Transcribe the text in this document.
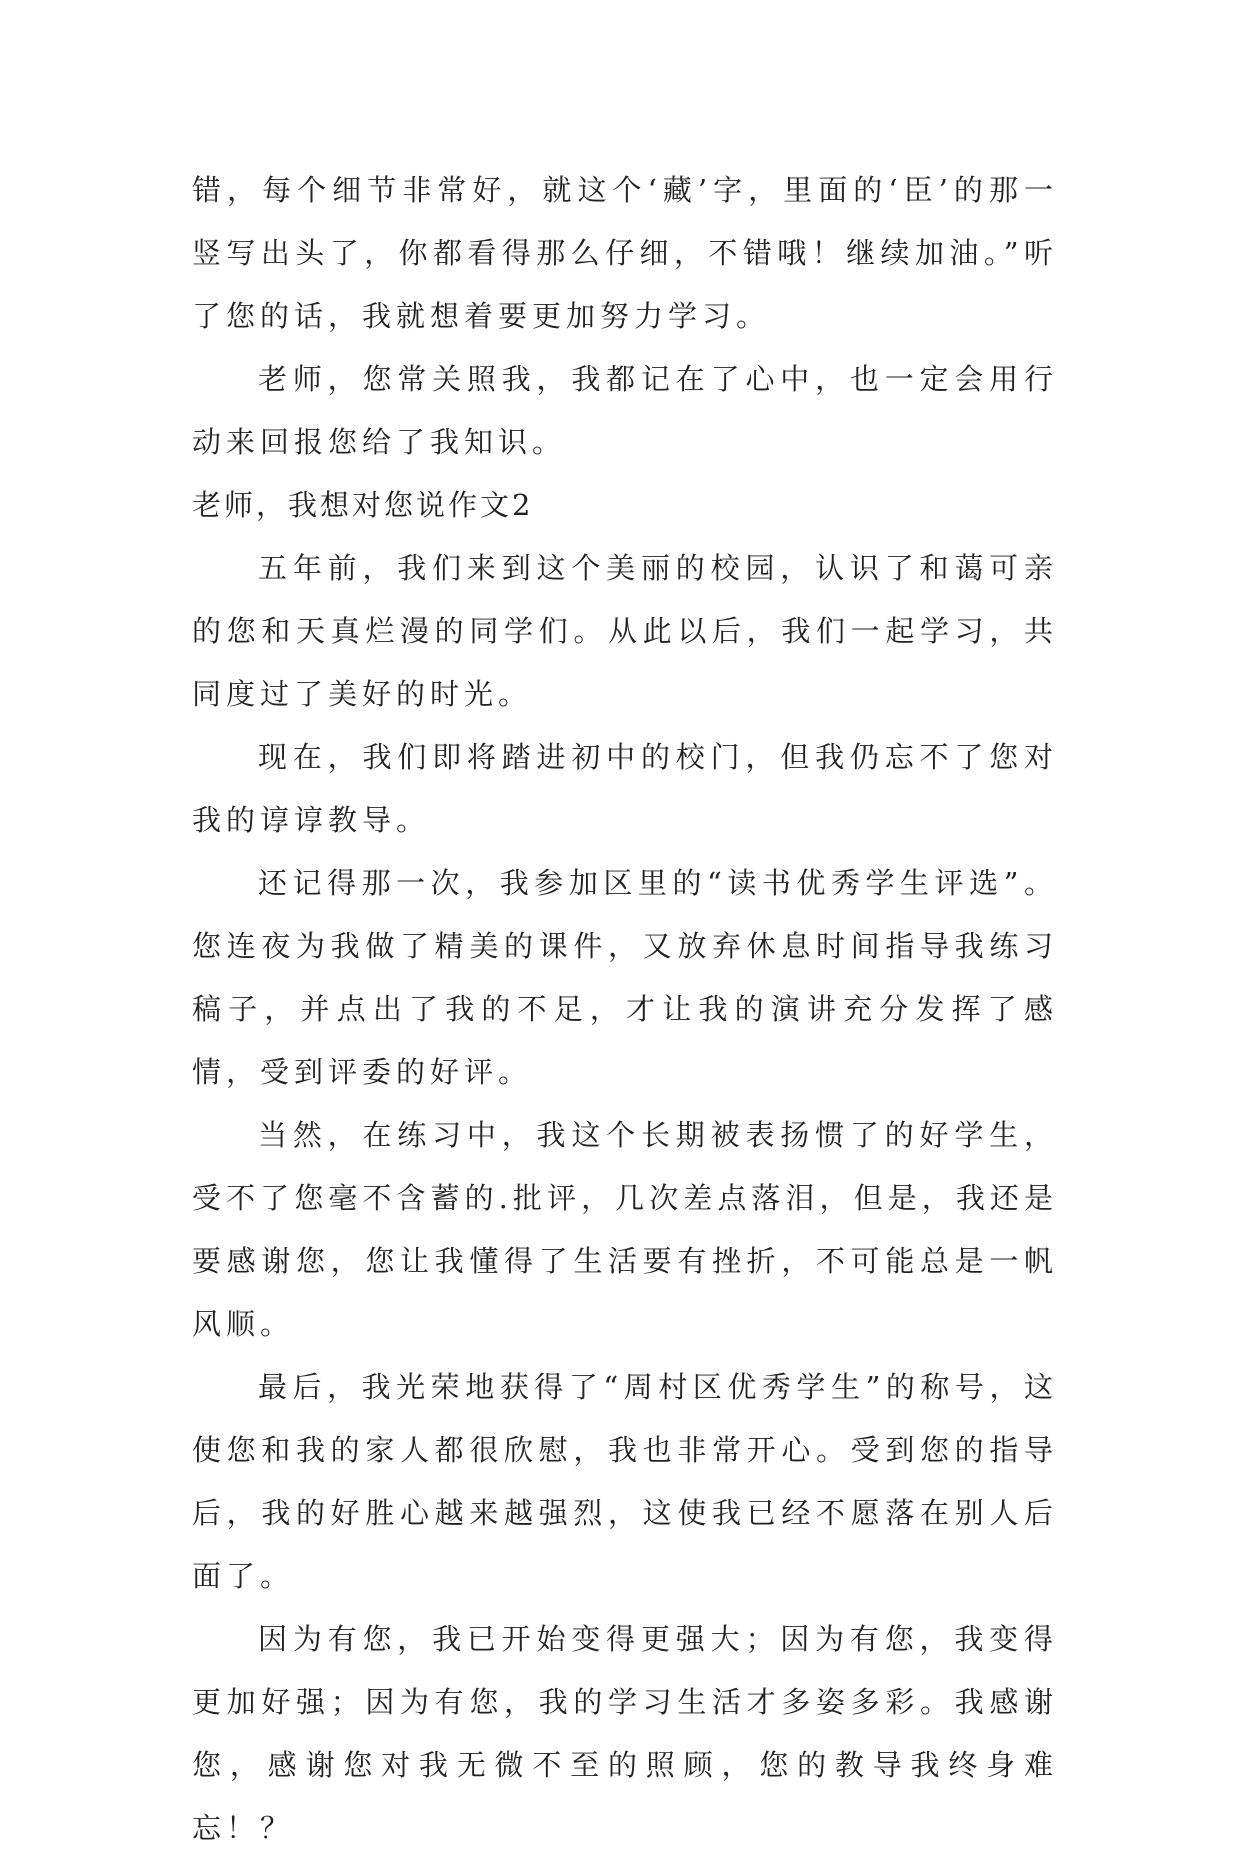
错，每个细节非常好，就这个‘藏’字，里面的‘臣’的那一竖写出头了，你都看得那么仔细，不错哦！继续加油。”听了您的话，我就想着要更加努力学习。

老师，您常关照我，我都记在了心中，也一定会用行动来回报您给了我知识。

老师，我想对您说作文2

五年前，我们来到这个美丽的校园，认识了和蔼可亲的您和天真烂漫的同学们。从此以后，我们一起学习，共同度过了美好的时光。

现在，我们即将踏进初中的校门，但我仍忘不了您对我的谆谆教导。

还记得那一次，我参加区里的“读书优秀学生评选”。您连夜为我做了精美的课件，又放弃休息时间指导我练习稿子，并点出了我的不足，才让我的演讲充分发挥了感情，受到评委的好评。

当然，在练习中，我这个长期被表扬惯了的好学生，受不了您毫不含蓄的.批评，几次差点落泪，但是，我还是要感谢您，您让我懂得了生活要有挫折，不可能总是一帆风顺。

最后，我光荣地获得了“周村区优秀学生”的称号，这使您和我的家人都很欣慰，我也非常开心。受到您的指导后，我的好胜心越来越强烈，这使我已经不愿落在别人后面了。

因为有您，我已开始变得更强大；因为有您，我变得更加好强；因为有您，我的学习生活才多姿多彩。我感谢您，感谢您对我无微不至的照顾，您的教导我终身难忘！？
